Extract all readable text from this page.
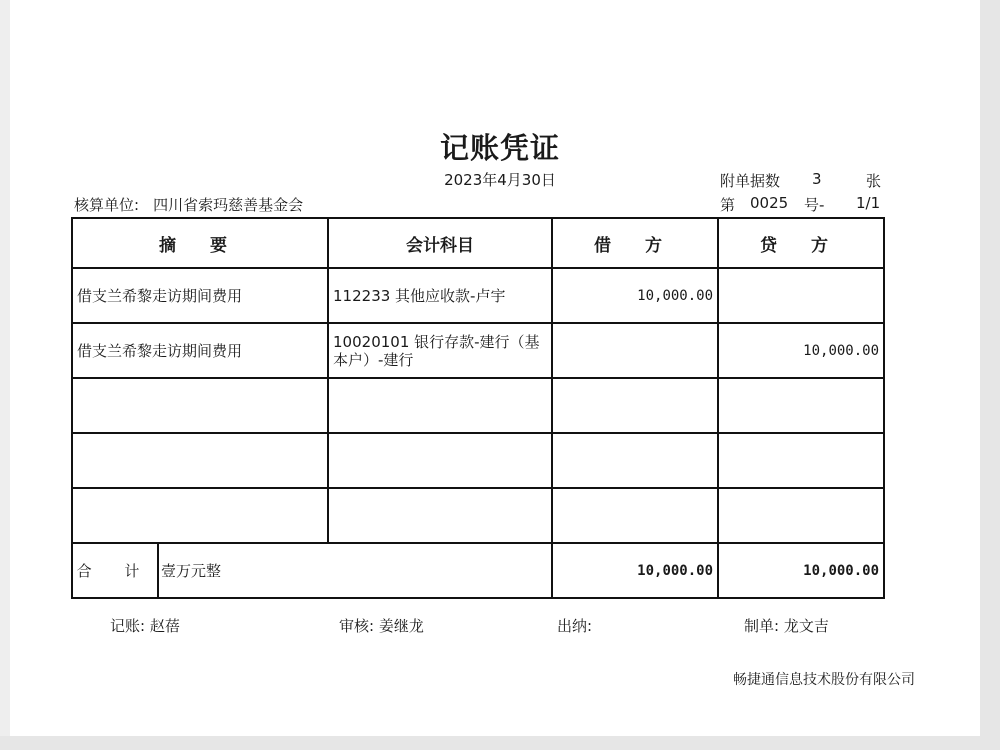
记账凭证
2023年4月30日
核算单位: 四川省索玛慈善基金会
附单据数 3	张
第 0025 号- 1/1
摘 要		会计科目	借 方	贷 方
借支兰希黎走访期间费用		112233 其他应收款-卢宇	10,000.00	
借支兰希黎走访期间费用		10020101 银行存款-建行（基本户）-建行		10,000.00

合 计	壹万元整		10,000.00	10,000.00
记账: 赵蓓	审核: 姜继龙	出纳:	制单: 龙文吉
畅捷通信息技术股份有限公司
